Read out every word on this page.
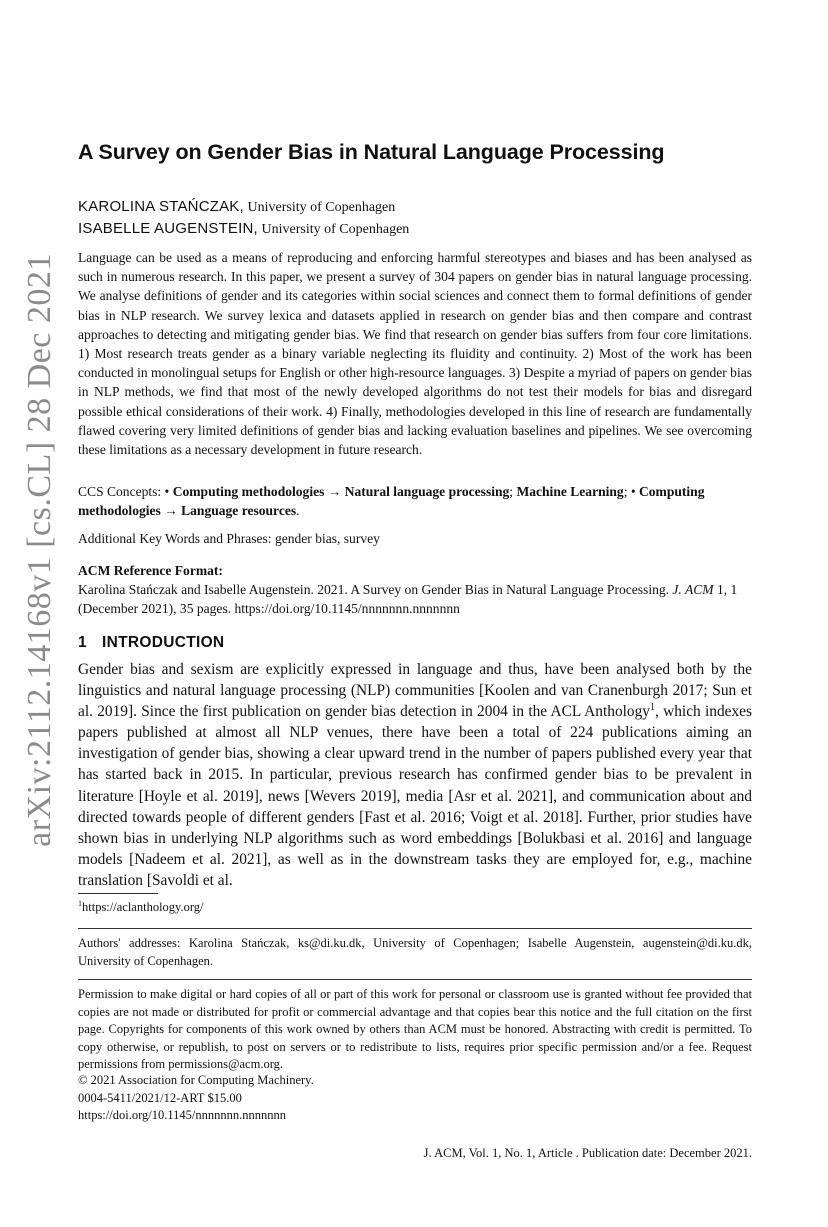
arXiv:2112.14168v1 [cs.CL] 28 Dec 2021
A Survey on Gender Bias in Natural Language Processing
KAROLINA STAŃCZAK, University of Copenhagen
ISABELLE AUGENSTEIN, University of Copenhagen
Language can be used as a means of reproducing and enforcing harmful stereotypes and biases and has been analysed as such in numerous research. In this paper, we present a survey of 304 papers on gender bias in natural language processing. We analyse definitions of gender and its categories within social sciences and connect them to formal definitions of gender bias in NLP research. We survey lexica and datasets applied in research on gender bias and then compare and contrast approaches to detecting and mitigating gender bias. We find that research on gender bias suffers from four core limitations. 1) Most research treats gender as a binary variable neglecting its fluidity and continuity. 2) Most of the work has been conducted in monolingual setups for English or other high-resource languages. 3) Despite a myriad of papers on gender bias in NLP methods, we find that most of the newly developed algorithms do not test their models for bias and disregard possible ethical considerations of their work. 4) Finally, methodologies developed in this line of research are fundamentally flawed covering very limited definitions of gender bias and lacking evaluation baselines and pipelines. We see overcoming these limitations as a necessary development in future research.
CCS Concepts: • Computing methodologies → Natural language processing; Machine Learning; • Computing methodologies → Language resources.
Additional Key Words and Phrases: gender bias, survey
ACM Reference Format:
Karolina Stańczak and Isabelle Augenstein. 2021. A Survey on Gender Bias in Natural Language Processing. J. ACM 1, 1 (December 2021), 35 pages. https://doi.org/10.1145/nnnnnnn.nnnnnnn
1 INTRODUCTION
Gender bias and sexism are explicitly expressed in language and thus, have been analysed both by the linguistics and natural language processing (NLP) communities [Koolen and van Cranenburgh 2017; Sun et al. 2019]. Since the first publication on gender bias detection in 2004 in the ACL Anthology$^1$, which indexes papers published at almost all NLP venues, there have been a total of 224 publications aiming an investigation of gender bias, showing a clear upward trend in the number of papers published every year that has started back in 2015. In particular, previous research has confirmed gender bias to be prevalent in literature [Hoyle et al. 2019], news [Wevers 2019], media [Asr et al. 2021], and communication about and directed towards people of different genders [Fast et al. 2016; Voigt et al. 2018]. Further, prior studies have shown bias in underlying NLP algorithms such as word embeddings [Bolukbasi et al. 2016] and language models [Nadeem et al. 2021], as well as in the downstream tasks they are employed for, e.g., machine translation [Savoldi et al.
$^1$https://aclanthology.org/
Authors' addresses: Karolina Stańczak, ks@di.ku.dk, University of Copenhagen; Isabelle Augenstein, augenstein@di.ku.dk, University of Copenhagen.
Permission to make digital or hard copies of all or part of this work for personal or classroom use is granted without fee provided that copies are not made or distributed for profit or commercial advantage and that copies bear this notice and the full citation on the first page. Copyrights for components of this work owned by others than ACM must be honored. Abstracting with credit is permitted. To copy otherwise, or republish, to post on servers or to redistribute to lists, requires prior specific permission and/or a fee. Request permissions from permissions@acm.org.
© 2021 Association for Computing Machinery.
0004-5411/2021/12-ART $15.00
https://doi.org/10.1145/nnnnnnn.nnnnnnn
J. ACM, Vol. 1, No. 1, Article . Publication date: December 2021.
